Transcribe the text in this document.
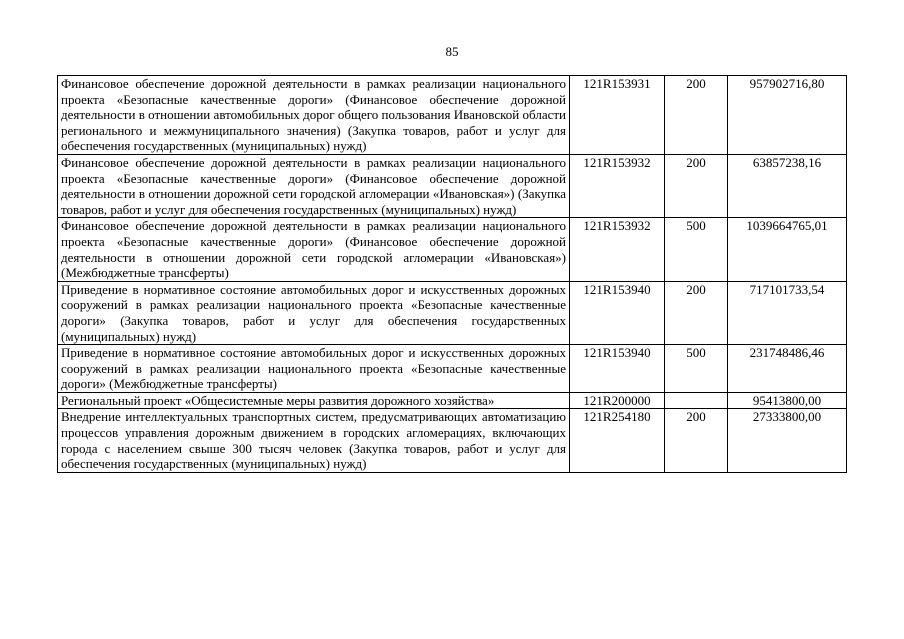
85
Финансовое обеспечение дорожной деятельности в рамках реализации национального проекта «Безопасные качественные дороги» (Финансовое обеспечение дорожной деятельности в отношении автомобильных дорог общего пользования Ивановской области регионального и межмуниципального значения) (Закупка товаров, работ и услуг для обеспечения государственных (муниципальных) нужд)	121R153931	200	957902716,80
Финансовое обеспечение дорожной деятельности в рамках реализации национального проекта «Безопасные качественные дороги» (Финансовое обеспечение дорожной деятельности в отношении дорожной сети городской агломерации «Ивановская») (Закупка товаров, работ и услуг для обеспечения государственных (муниципальных) нужд)	121R153932	200	63857238,16
Финансовое обеспечение дорожной деятельности в рамках реализации национального проекта «Безопасные качественные дороги» (Финансовое обеспечение дорожной деятельности в отношении дорожной сети городской агломерации «Ивановская») (Межбюджетные трансферты)	121R153932	500	1039664765,01
Приведение в нормативное состояние автомобильных дорог и искусственных дорожных сооружений в рамках реализации национального проекта «Безопасные качественные дороги» (Закупка товаров, работ и услуг для обеспечения государственных (муниципальных) нужд)	121R153940	200	717101733,54
Приведение в нормативное состояние автомобильных дорог и искусственных дорожных сооружений в рамках реализации национального проекта «Безопасные качественные дороги» (Межбюджетные трансферты)	121R153940	500	231748486,46
Региональный проект «Общесистемные меры развития дорожного хозяйства»	121R200000		95413800,00
Внедрение интеллектуальных транспортных систем, предусматривающих автоматизацию процессов управления дорожным движением в городских агломерациях, включающих города с населением свыше 300 тысяч человек (Закупка товаров, работ и услуг для обеспечения государственных (муниципальных) нужд)	121R254180	200	27333800,00
